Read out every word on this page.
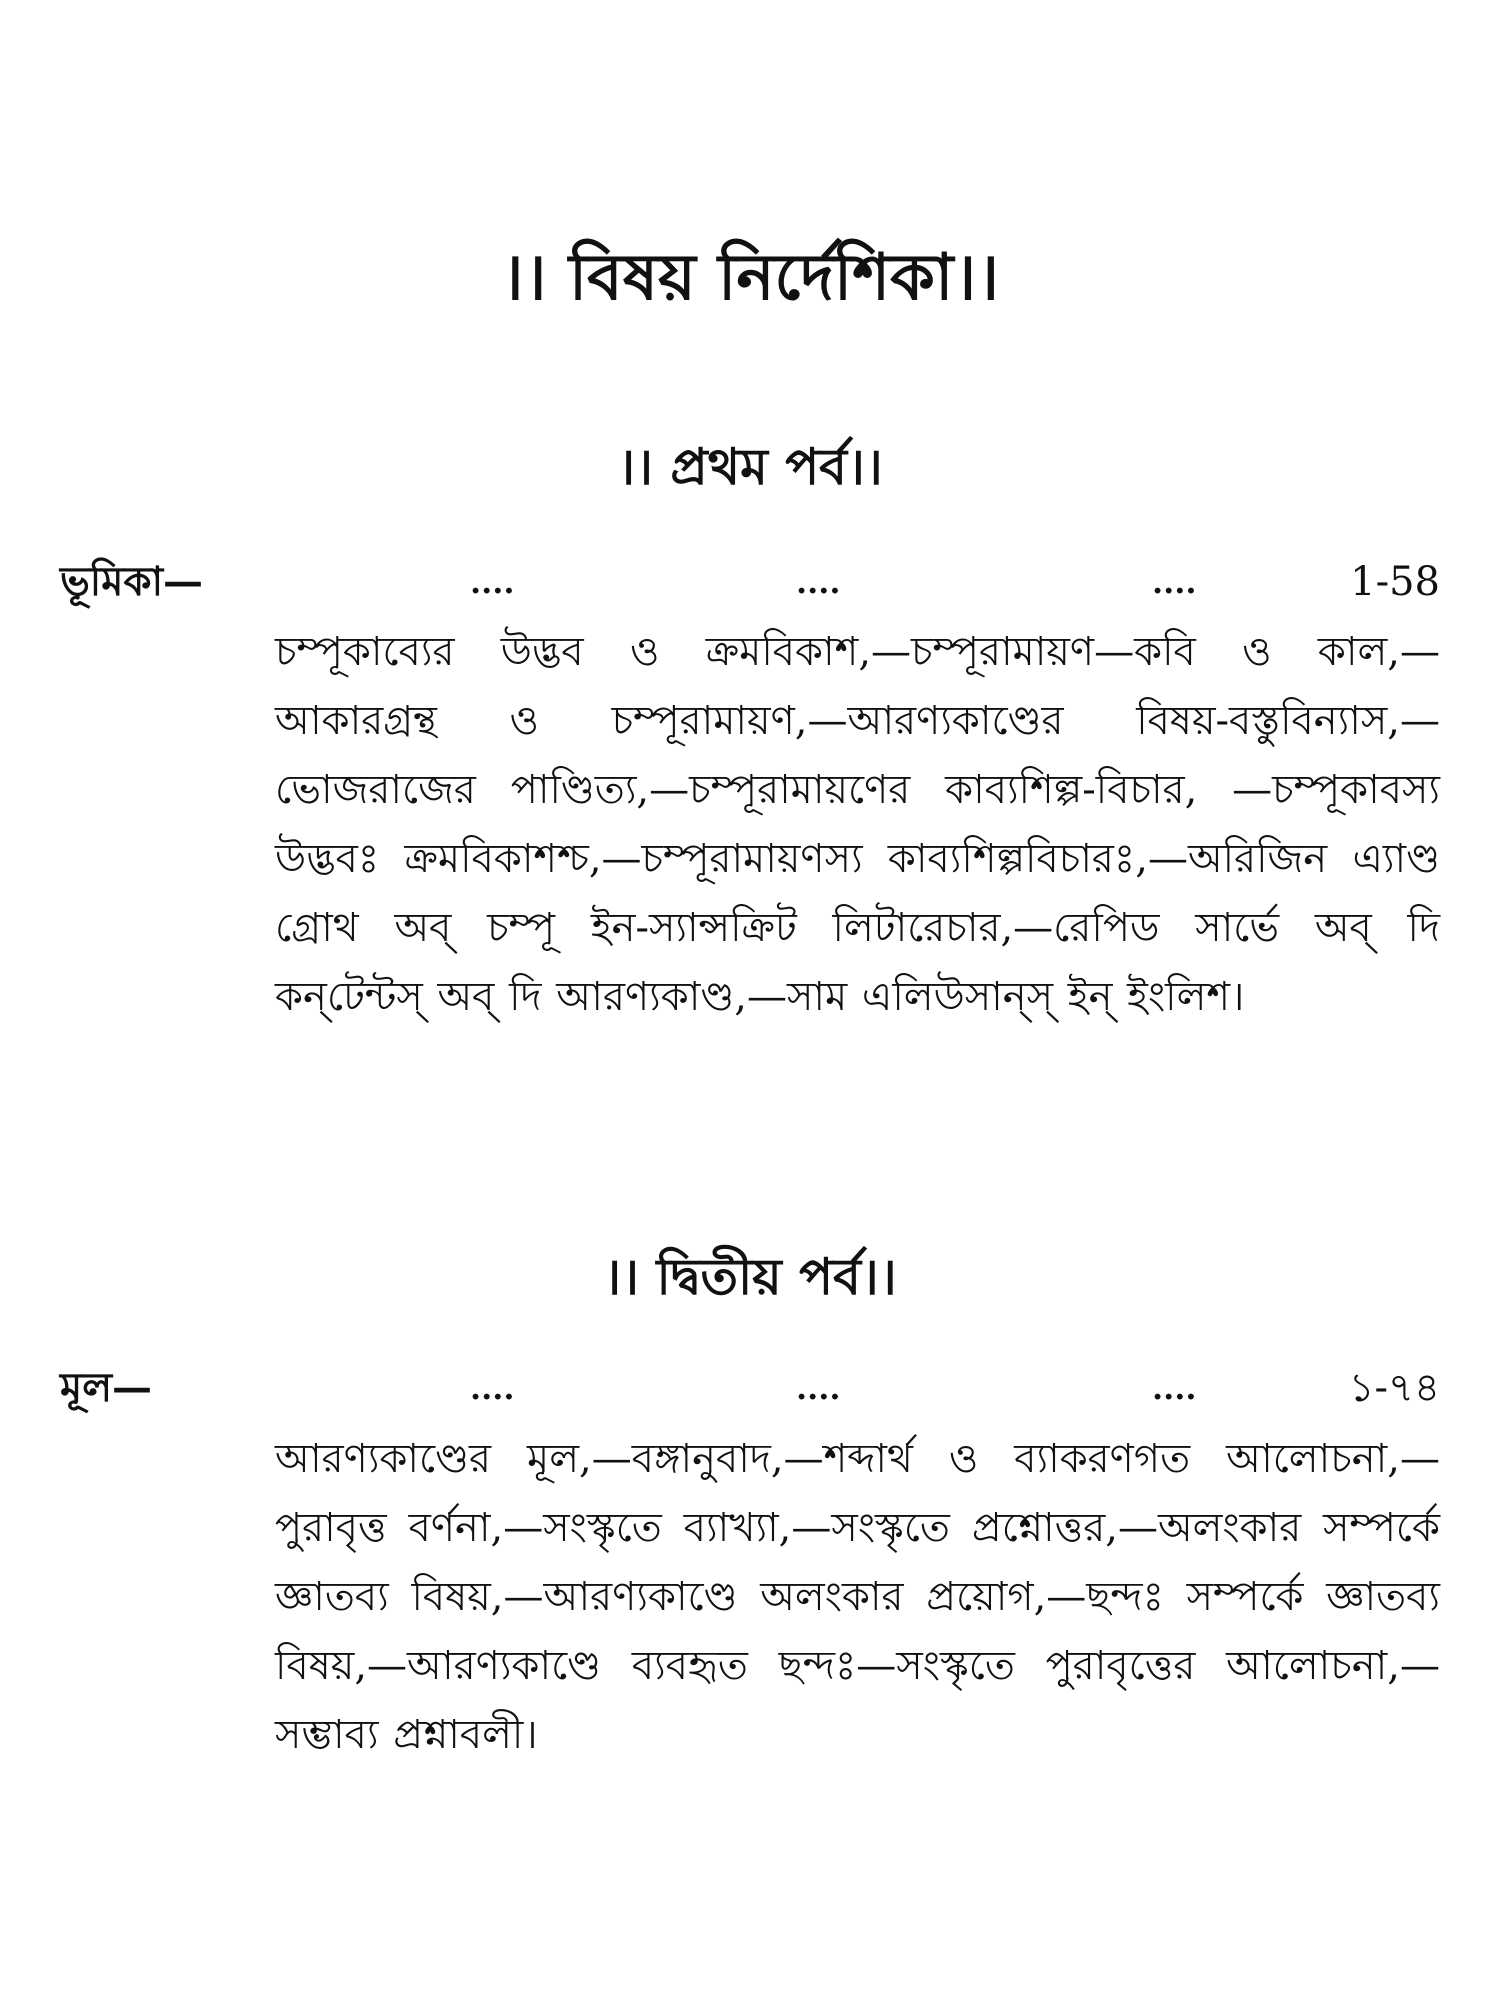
।। বিষয় নির্দেশিকা।।
।। প্রথম পর্ব।।
ভূমিকা—	....	....	....	1-58
চম্পূকাব্যের উদ্ভব ও ক্রমবিকাশ,—চম্পূরামায়ণ—কবি ও কাল,—আকারগ্রন্থ ও চম্পূরামায়ণ,—আরণ্যকাণ্ডের বিষয়-বস্তুবিন্যাস,—ভোজরাজের পাণ্ডিত্য,—চম্পূরামায়ণের কাব্যশিল্প-বিচার, —চম্পূকাবস্য উদ্ভবঃ ক্রমবিকাশশ্চ,—চম্পূরামায়ণস্য কাব্যশিল্পবিচারঃ,—অরিজিন এ্যাণ্ড গ্রোথ অব্ চম্পূ ইন-স্যান্সক্রিট লিটারেচার,—রেপিড সার্ভে অব্ দি কন্‌টেন্টস্ অব্ দি আরণ্যকাণ্ড,—সাম এলিউসান্‌স্ ইন্ ইংলিশ।
।। দ্বিতীয় পর্ব।।
মূল—	....	....	....	১-৭৪
আরণ্যকাণ্ডের মূল,—বঙ্গানুবাদ,—শব্দার্থ ও ব্যাকরণগত আলোচনা,—পুরাবৃত্ত বর্ণনা,—সংস্কৃতে ব্যাখ্যা,—সংস্কৃতে প্রশ্নোত্তর,—অলংকার সম্পর্কে জ্ঞাতব্য বিষয়,—আরণ্যকাণ্ডে অলংকার প্রয়োগ,—ছন্দঃ সম্পর্কে জ্ঞাতব্য বিষয়,—আরণ্যকাণ্ডে ব্যবহৃত ছন্দঃ—সংস্কৃতে পুরাবৃত্তের আলোচনা,—সম্ভাব্য প্রশ্নাবলী।
